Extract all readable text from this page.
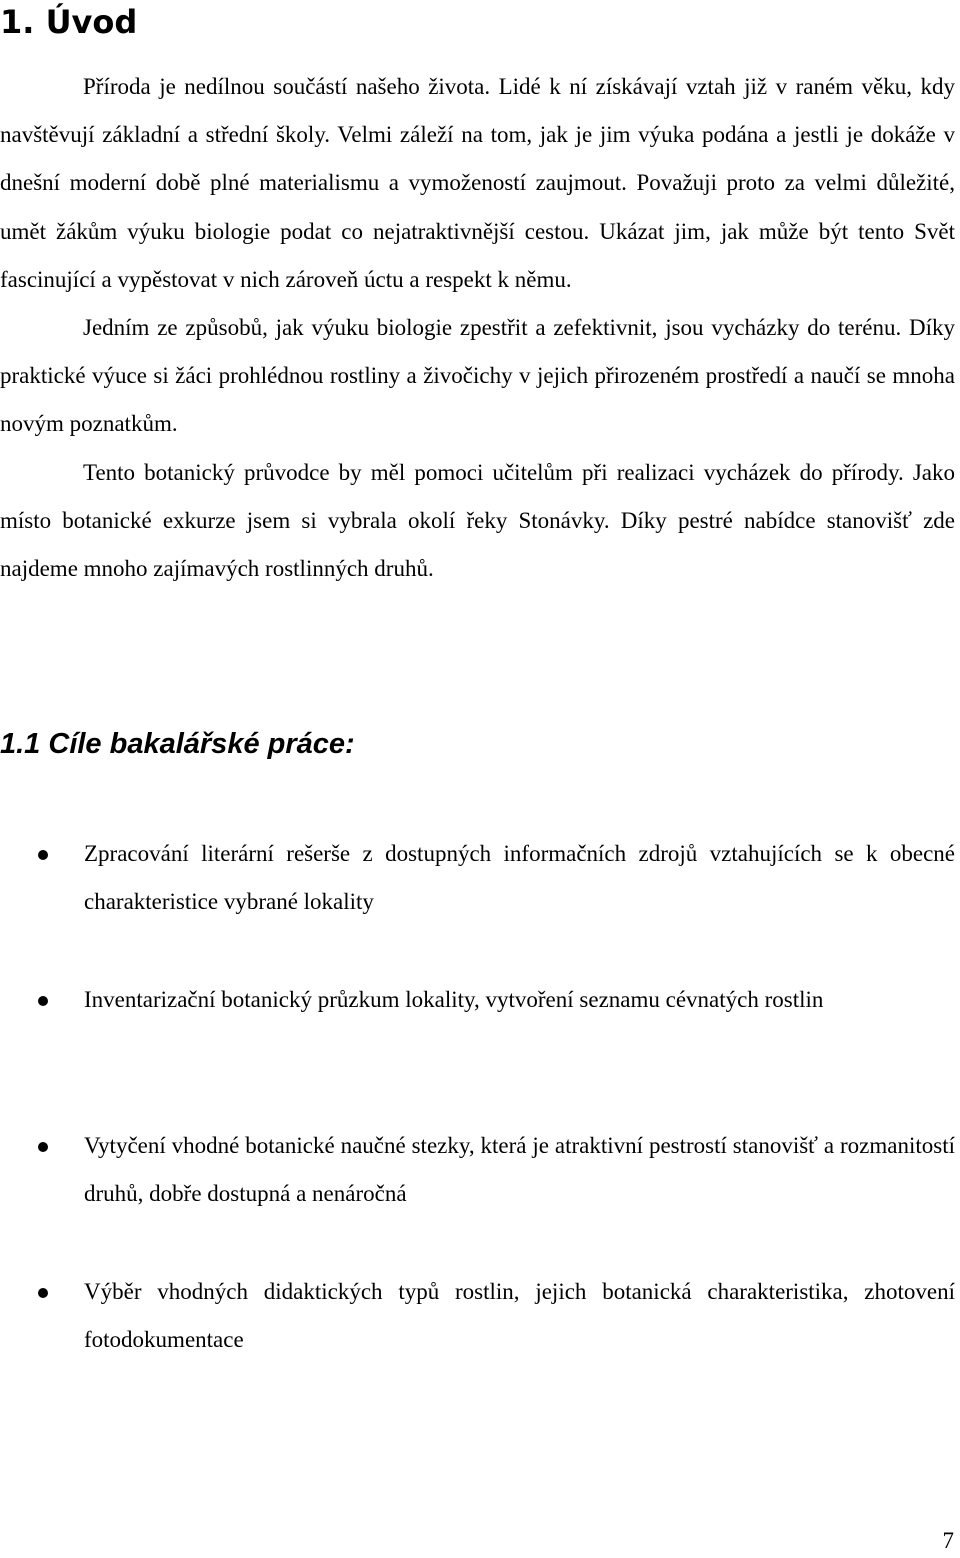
1. Úvod

Příroda je nedílnou součástí našeho života. Lidé k ní získávají vztah již v raném věku, kdy navštěvují základní a střední školy. Velmi záleží na tom, jak je jim výuka podána a jestli je dokáže v dnešní moderní době plné materialismu a vymožeností zaujmout. Považuji proto za velmi důležité, umět žákům výuku biologie podat co nejatraktivnější cestou. Ukázat jim, jak může být tento Svět fascinující a vypěstovat v nich zároveň úctu a respekt k němu.

Jedním ze způsobů, jak výuku biologie zpestřit a zefektivnit, jsou vycházky do terénu. Díky praktické výuce si žáci prohlédnou rostliny a živočichy v jejich přirozeném prostředí a naučí se mnoha novým poznatkům.

Tento botanický průvodce by měl pomoci učitelům při realizaci vycházek do přírody. Jako místo botanické exkurze jsem si vybrala okolí řeky Stonávky. Díky pestré nabídce stanovišť zde najdeme mnoho zajímavých rostlinných druhů.

1.1 Cíle bakalářské práce:

Zpracování literární rešerše z dostupných informačních zdrojů vztahujících se k obecné charakteristice vybrané lokality

Inventarizační botanický průzkum lokality, vytvoření seznamu cévnatých rostlin

Vytyčení vhodné botanické naučné stezky, která je atraktivní pestrostí stanovišť a rozmanitostí druhů, dobře dostupná a nenáročná

Výběr vhodných didaktických typů rostlin, jejich botanická charakteristika, zhotovení fotodokumentace

7
